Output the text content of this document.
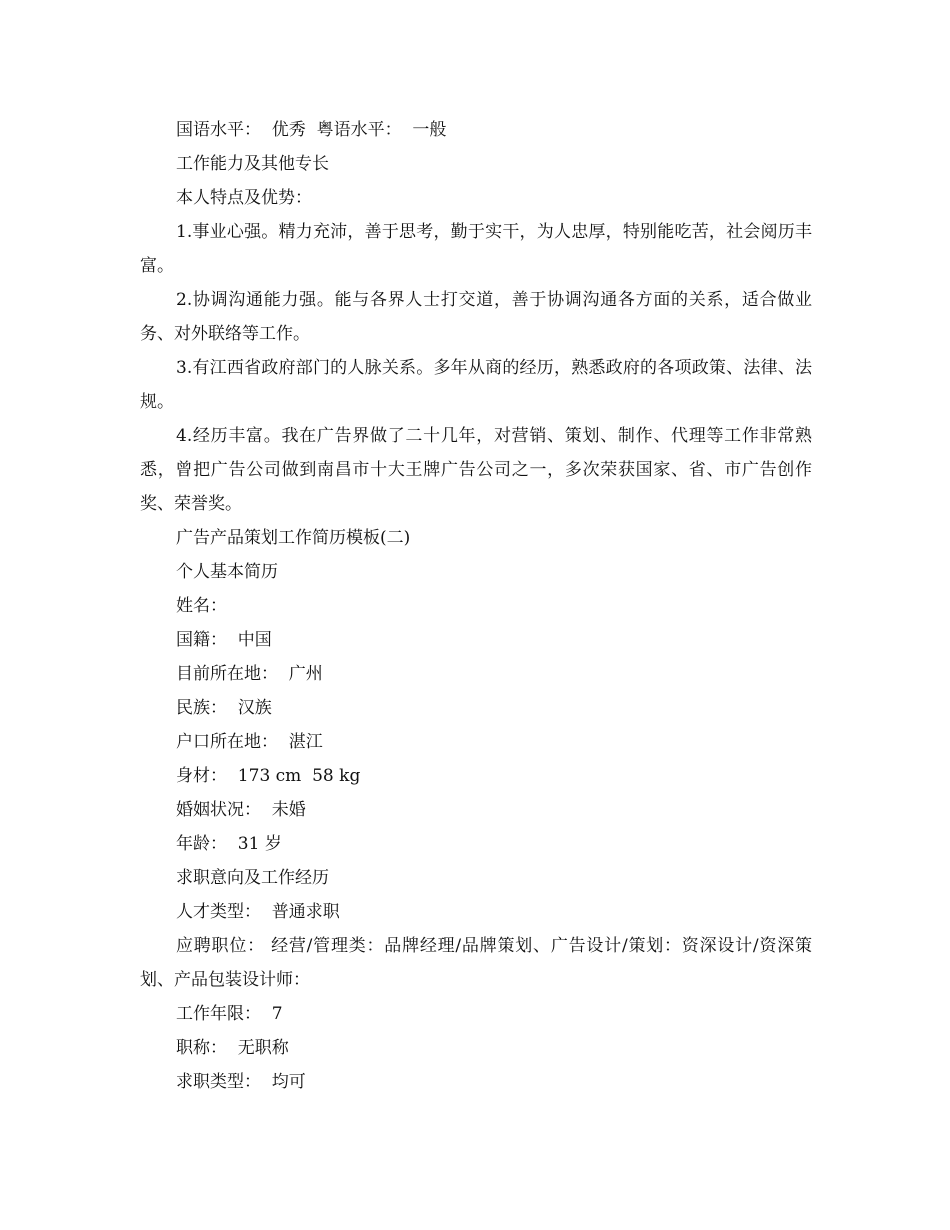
国语水平：  优秀  粤语水平：  一般
工作能力及其他专长
本人特点及优势：

1.事业心强。精力充沛，善于思考，勤于实干，为人忠厚，特别能吃苦，社会阅历丰富。

2.协调沟通能力强。能与各界人士打交道，善于协调沟通各方面的关系，适合做业务、对外联络等工作。

3.有江西省政府部门的人脉关系。多年从商的经历，熟悉政府的各项政策、法律、法规。

4.经历丰富。我在广告界做了二十几年，对营销、策划、制作、代理等工作非常熟悉，曾把广告公司做到南昌市十大王牌广告公司之一，多次荣获国家、省、市广告创作奖、荣誉奖。

广告产品策划工作简历模板(二)
个人基本简历
姓名：
国籍：  中国
目前所在地：  广州
民族：  汉族
户口所在地：  湛江
身材：  173 cm  58 kg
婚姻状况：  未婚
年龄：  31 岁
求职意向及工作经历
人才类型：  普通求职

应聘职位： 经营/管理类：品牌经理/品牌策划、广告设计/策划：资深设计/资深策划、产品包装设计师：

工作年限：  7
职称：  无职称
求职类型：  均可
